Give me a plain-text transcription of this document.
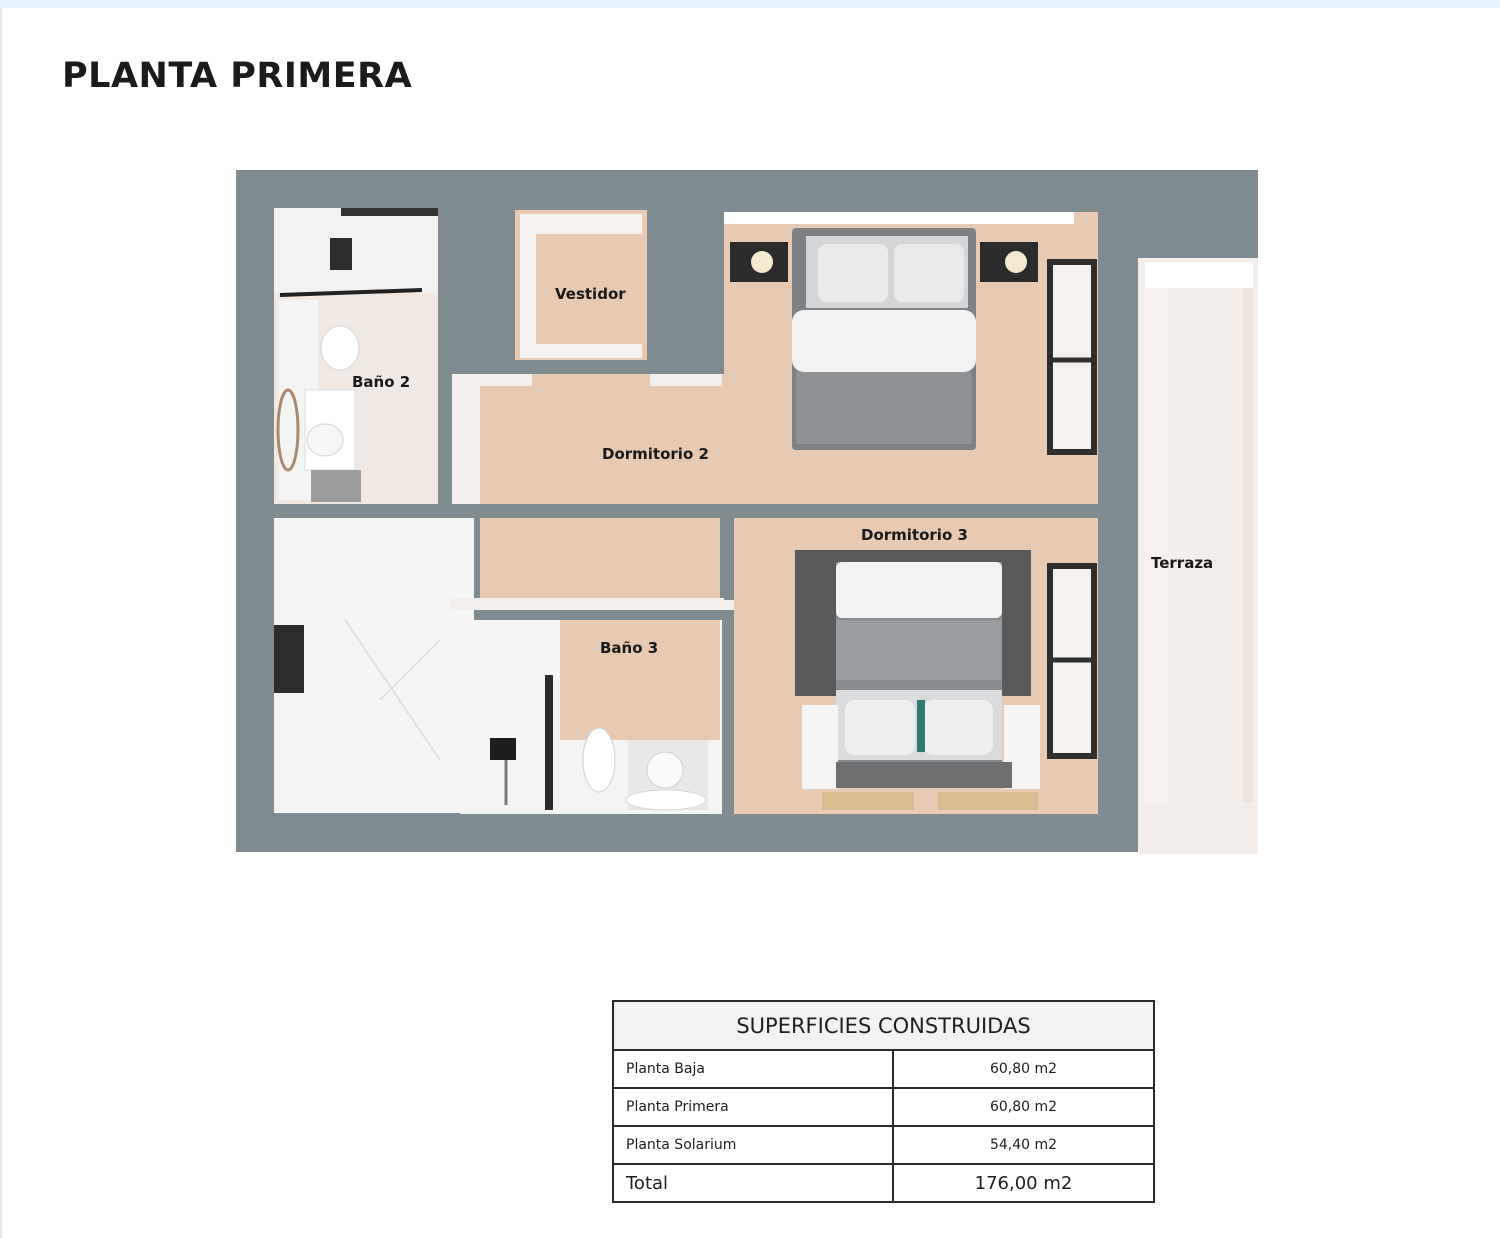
PLANTA PRIMERA
Baño 2
Vestidor
Dormitorio 2
Dormitorio 3
Terraza
Baño 3
SUPERFICIES CONSTRUIDAS	
Planta Baja	60,80 m2
Planta Primera	60,80 m2
Planta Solarium	54,40 m2
Total	176,00 m2
